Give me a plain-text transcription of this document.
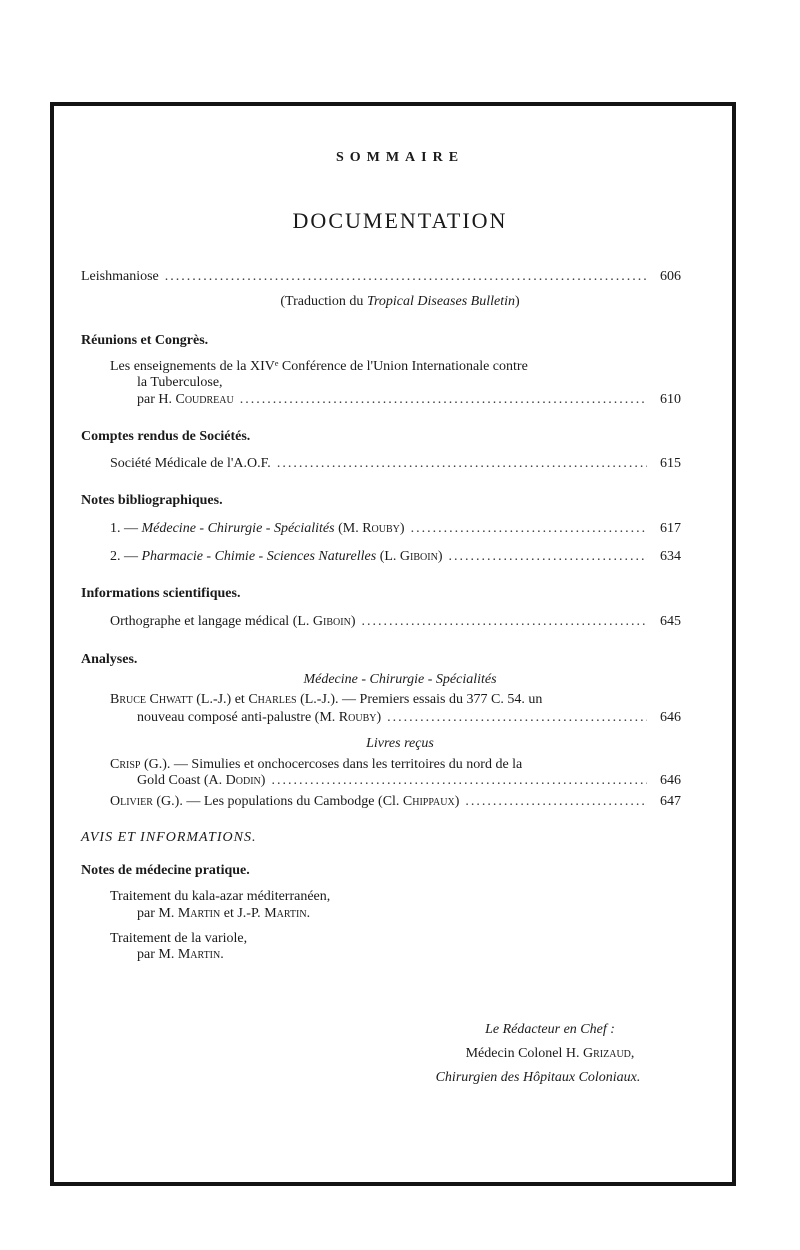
SOMMAIRE
DOCUMENTATION
Leishmaniose .....	606
(Traduction du Tropical Diseases Bulletin)
Réunions et Congrès.
Les enseignements de la XIVᵉ Conférence de l'Union Internationale contre
la Tuberculose,
par H. Coudreau .....	610
Comptes rendus de Sociétés.
Société Médicale de l'A.O.F. .....	615
Notes bibliographiques.
1. — Médecine - Chirurgie - Spécialités (M. Rouby) .....	617
2. — Pharmacie - Chimie - Sciences Naturelles (L. Giboin) .....	634
Informations scientifiques.
Orthographe et langage médical (L. Giboin) .....	645
Analyses.
Médecine - Chirurgie - Spécialités
Bruce Chwatt (L.-J.) et Charles (L.-J.). — Premiers essais du 377 C. 54. un
nouveau composé anti-palustre (M. Rouby) .....	646
Livres reçus
Crisp (G.). — Simulies et onchocercoses dans les territoires du nord de la
Gold Coast (A. Dodin) .....	646
Olivier (G.). — Les populations du Cambodge (Cl. Chippaux) .....	647
AVIS ET INFORMATIONS.
Notes de médecine pratique.
Traitement du kala-azar méditerranéen,
par M. Martin et J.-P. Martin.
Traitement de la variole,
par M. Martin.
Le Rédacteur en Chef :
Médecin Colonel H. Grizaud,
Chirurgien des Hôpitaux Coloniaux.
